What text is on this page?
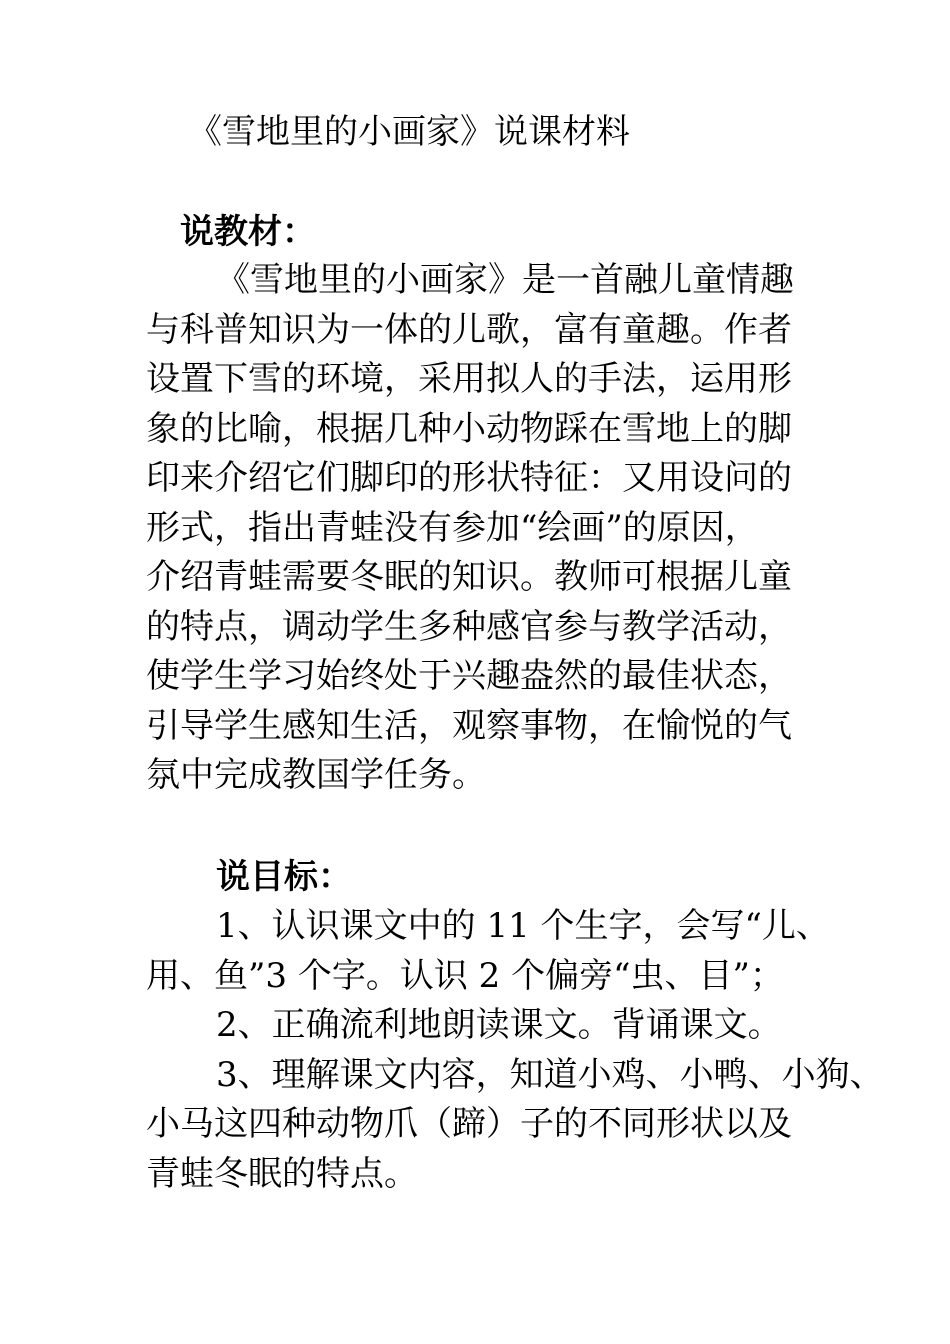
《雪地里的小画家》说课材料
说教材：
《雪地里的小画家》是一首融儿童情趣
与科普知识为一体的儿歌，富有童趣。作者
设置下雪的环境，采用拟人的手法，运用形
象的比喻，根据几种小动物踩在雪地上的脚
印来介绍它们脚印的形状特征：又用设问的
形式，指出青蛙没有参加“绘画”的原因，
介绍青蛙需要冬眠的知识。教师可根据儿童
的特点，调动学生多种感官参与教学活动，
使学生学习始终处于兴趣盎然的最佳状态，
引导学生感知生活，观察事物，在愉悦的气
氛中完成教国学任务。
说目标：
1、认识课文中的 11 个生字，会写“儿、
用、鱼”3 个字。认识 2 个偏旁“虫、目”；
2、正确流利地朗读课文。背诵课文。
3、理解课文内容，知道小鸡、小鸭、小狗、
小马这四种动物爪（蹄）子的不同形状以及
青蛙冬眠的特点。
